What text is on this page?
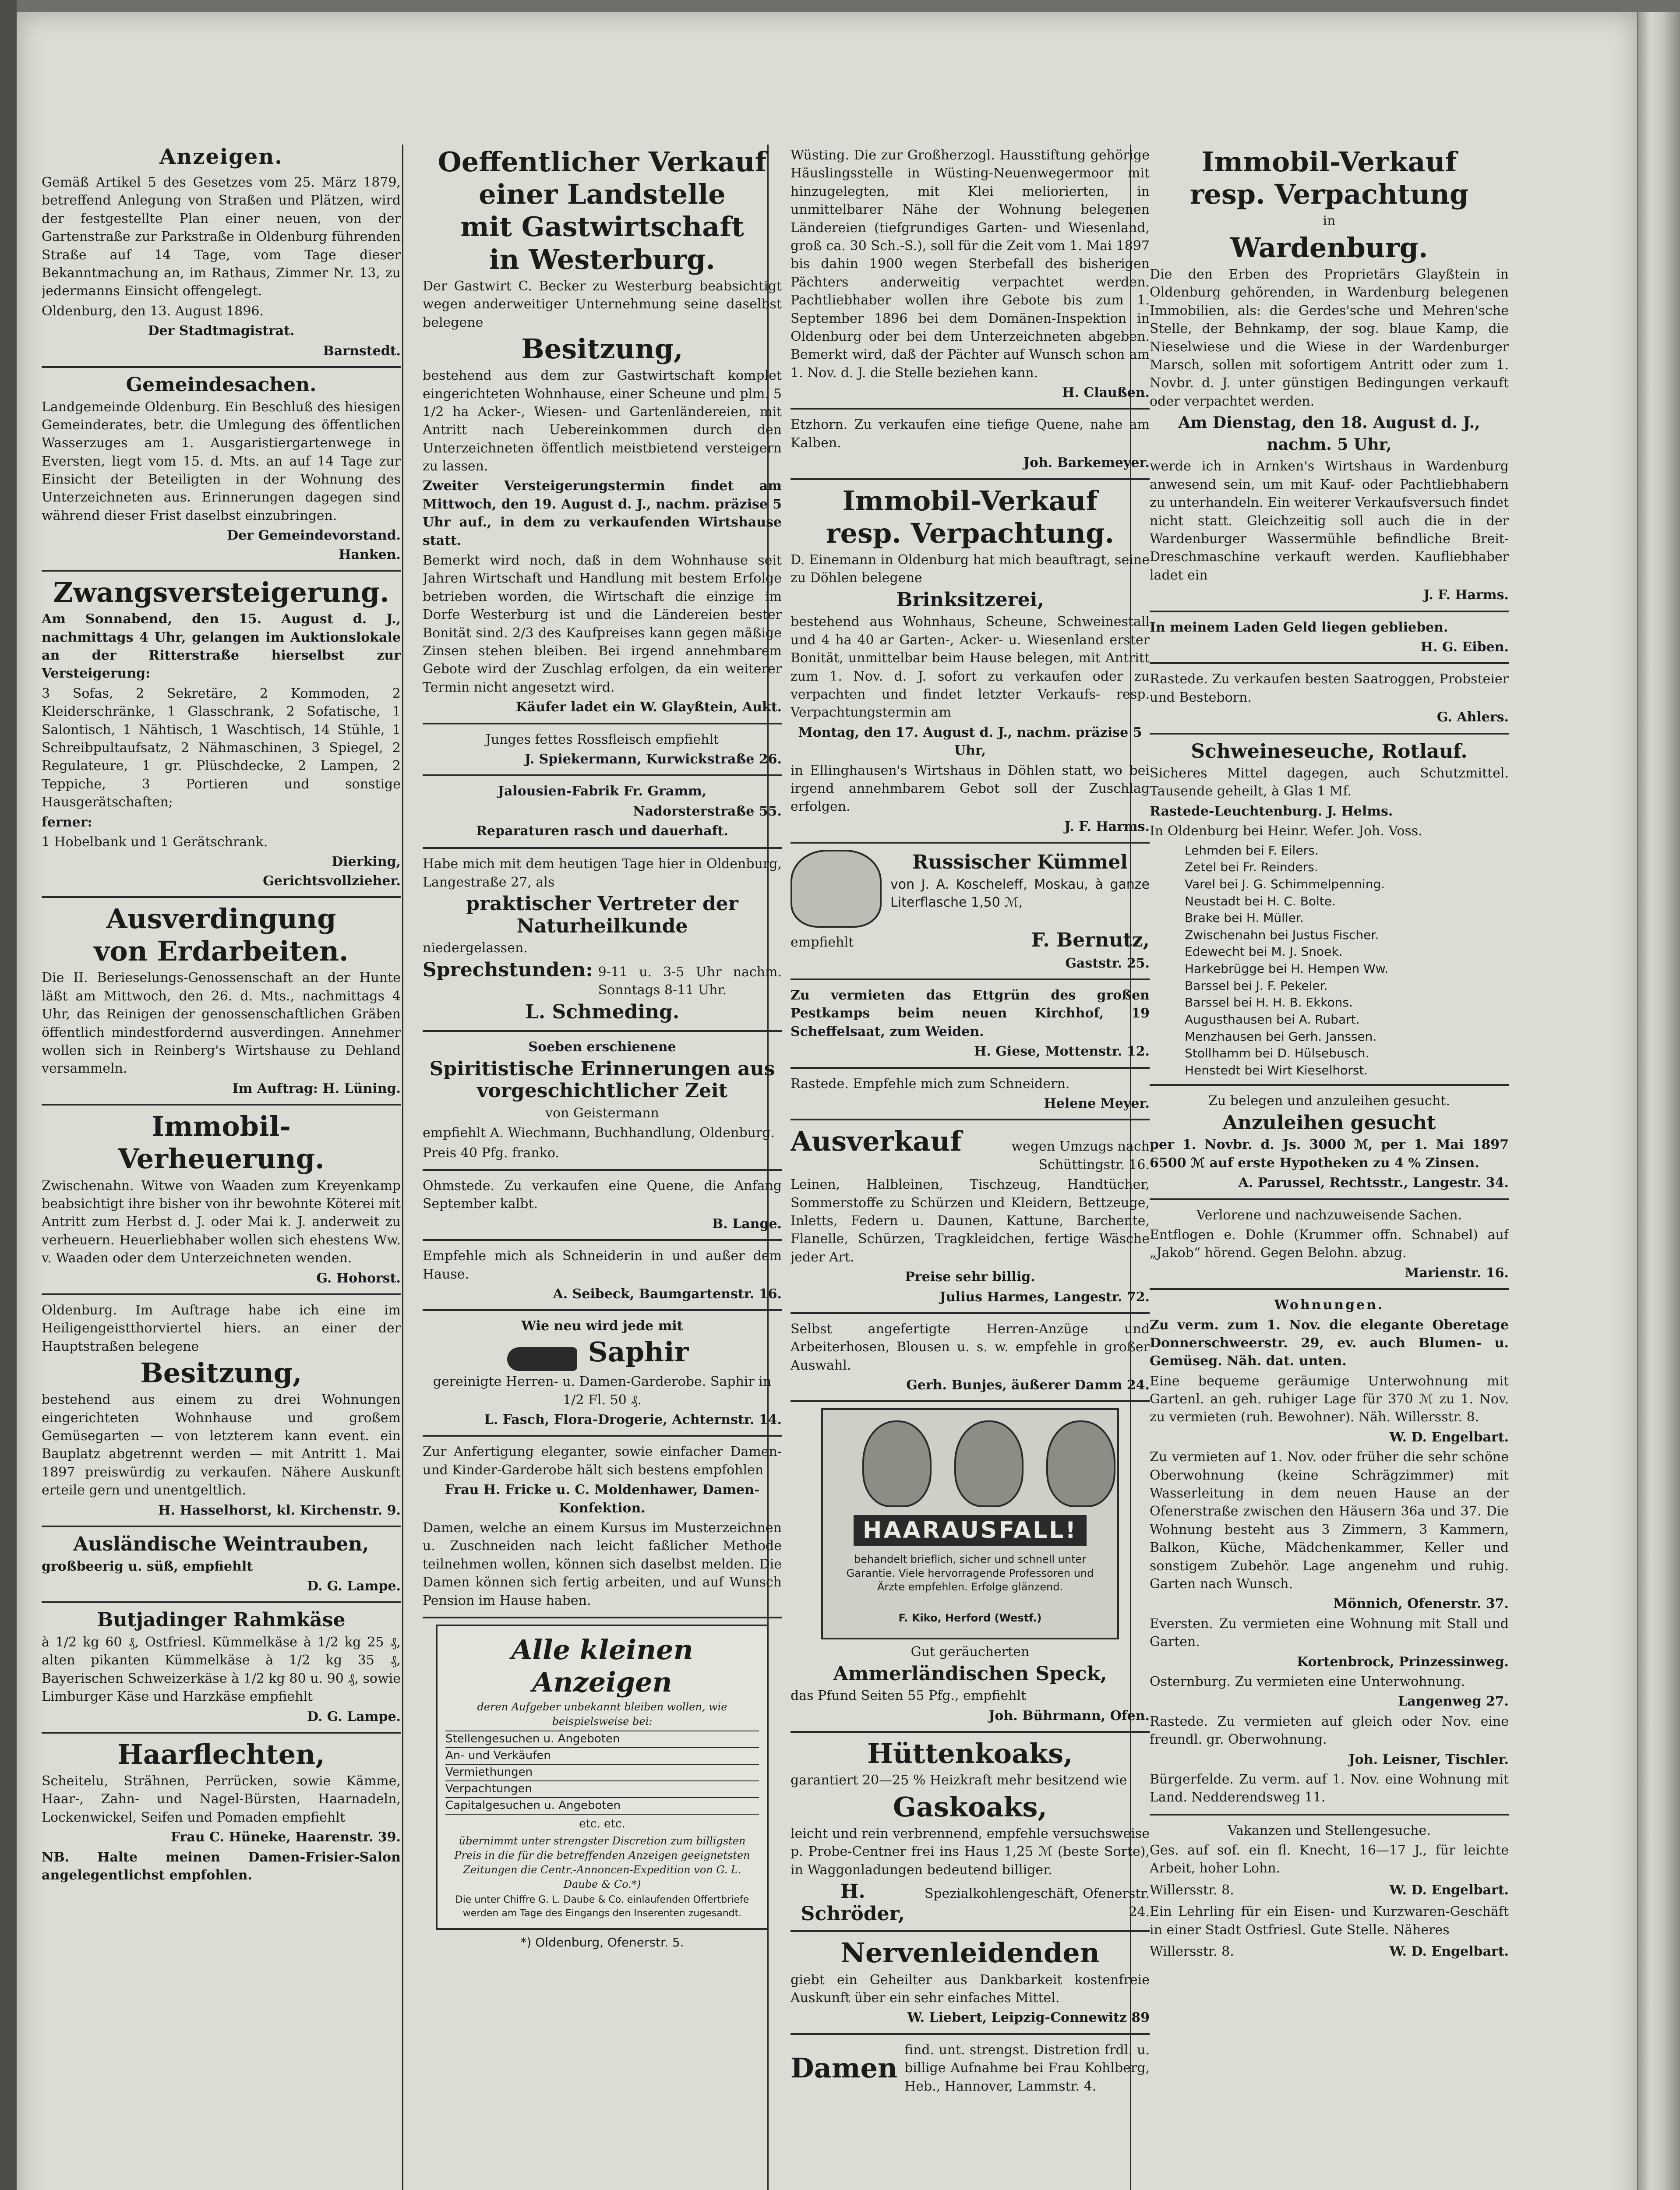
Anzeigen.
Gemäß Artikel 5 des Gesetzes vom 25. März 1879, betreffend Anlegung von Straßen und Plätzen, wird der festgestellte Plan einer neuen, von der Gartenstraße zur Parkstraße in Oldenburg führenden Straße auf 14 Tage, vom Tage dieser Bekanntmachung an, im Rathaus, Zimmer Nr. 13, zu jedermanns Einsicht offengelegt.
Oldenburg, den 13. August 1896.
Der Stadtmagistrat.
Barnstedt.
Gemeindesachen.
Landgemeinde Oldenburg. Ein Beschluß des hiesigen Gemeinderates, betr. die Umlegung des öffentlichen Wasserzuges am 1. Ausgaristiergartenwege in Eversten, liegt vom 15. d. Mts. an auf 14 Tage zur Einsicht der Beteiligten in der Wohnung des Unterzeichneten aus. Erinnerungen dagegen sind während dieser Frist daselbst einzubringen.
Der Gemeindevorstand.
Hanken.
Zwangsversteigerung.
Am Sonnabend, den 15. August d. J., nachmittags 4 Uhr, gelangen im Auktionslokale an der Ritterstraße hierselbst zur Versteigerung:
3 Sofas, 2 Sekretäre, 2 Kommoden, 2 Kleiderschränke, 1 Glasschrank, 2 Sofatische, 1 Salontisch, 1 Nähtisch, 1 Waschtisch, 14 Stühle, 1 Schreibpultaufsatz, 2 Nähmaschinen, 3 Spiegel, 2 Regulateure, 1 gr. Plüschdecke, 2 Lampen, 2 Teppiche, 3 Portieren und sonstige Hausgerätschaften;
ferner:
1 Hobelbank und 1 Gerätschrank.
Dierking,
Gerichtsvollzieher.
Ausverdingung
von Erdarbeiten.
Die II. Berieselungs-Genossenschaft an der Hunte läßt am Mittwoch, den 26. d. Mts., nachmittags 4 Uhr, das Reinigen der genossenschaftlichen Gräben öffentlich mindestfordernd ausverdingen. Annehmer wollen sich in Reinberg's Wirtshause zu Dehland versammeln.
Im Auftrag: H. Lüning.
Immobil-
Verheuerung.
Zwischenahn. Witwe von Waaden zum Kreyenkamp beabsichtigt ihre bisher von ihr bewohnte Köterei mit Antritt zum Herbst d. J. oder Mai k. J. anderweit zu verheuern. Heuerliebhaber wollen sich ehestens Ww. v. Waaden oder dem Unterzeichneten wenden.
G. Hohorst.
Oldenburg. Im Auftrage habe ich eine im Heiligengeistthorviertel hiers. an einer der Hauptstraßen belegene
Besitzung,
bestehend aus einem zu drei Wohnungen eingerichteten Wohnhause und großem Gemüsegarten — von letzterem kann event. ein Bauplatz abgetrennt werden — mit Antritt 1. Mai 1897 preiswürdig zu verkaufen. Nähere Auskunft erteile gern und unentgeltlich.
H. Hasselhorst, kl. Kirchenstr. 9.
Ausländische Weintrauben,
großbeerig u. süß, empfiehlt
D. G. Lampe.
Butjadinger Rahmkäse
à 1/2 kg 60 ₰, Ostfriesl. Kümmelkäse à 1/2 kg 25 ₰, alten pikanten Kümmelkäse à 1/2 kg 35 ₰, Bayerischen Schweizerkäse à 1/2 kg 80 u. 90 ₰, sowie Limburger Käse und Harzkäse empfiehlt
D. G. Lampe.
Haarflechten,
Scheitelu, Strähnen, Perrücken, sowie Kämme, Haar-, Zahn- und Nagel-Bürsten, Haarnadeln, Lockenwickel, Seifen und Pomaden empfiehlt
Frau C. Hüneke, Haarenstr. 39.
NB. Halte meinen Damen-Frisier-Salon angelegentlichst empfohlen.
Oeffentlicher Verkauf
einer Landstelle
mit Gastwirtschaft
in Westerburg.
Der Gastwirt C. Becker zu Westerburg beabsichtigt wegen anderweitiger Unternehmung seine daselbst belegene
Besitzung,
bestehend aus dem zur Gastwirtschaft komplet eingerichteten Wohnhause, einer Scheune und plm. 5 1/2 ha Acker-, Wiesen- und Gartenländereien, mit Antritt nach Uebereinkommen durch den Unterzeichneten öffentlich meistbietend versteigern zu lassen.
Zweiter Versteigerungstermin findet am Mittwoch, den 19. August d. J., nachm. präzise 5 Uhr auf., in dem zu verkaufenden Wirtshause statt.
Bemerkt wird noch, daß in dem Wohnhause seit Jahren Wirtschaft und Handlung mit bestem Erfolge betrieben worden, die Wirtschaft die einzige im Dorfe Westerburg ist und die Ländereien bester Bonität sind. 2/3 des Kaufpreises kann gegen mäßige Zinsen stehen bleiben. Bei irgend annehmbarem Gebote wird der Zuschlag erfolgen, da ein weiterer Termin nicht angesetzt wird.
Käufer ladet ein W. Glayßtein, Aukt.
Junges fettes Rossfleisch empfiehlt
J. Spiekermann, Kurwickstraße 26.
Jalousien-Fabrik Fr. Gramm,
Nadorsterstraße 55.
Reparaturen rasch und dauerhaft.
Habe mich mit dem heutigen Tage hier in Oldenburg, Langestraße 27, als
praktischer Vertreter der Naturheilkunde
niedergelassen.
Sprechstunden: 9-11 u. 3-5 Uhr nachm. Sonntags 8-11 Uhr.
L. Schmeding.
Soeben erschienene
Spiritistische Erinnerungen aus vorgeschichtlicher Zeit
von Geistermann
empfiehlt A. Wiechmann, Buchhandlung, Oldenburg.
Preis 40 Pfg. franko.
Ohmstede. Zu verkaufen eine Quene, die Anfang September kalbt.
B. Lange.
Empfehle mich als Schneiderin in und außer dem Hause.
A. Seibeck, Baumgartenstr. 16.
Wie neu wird jede mit
Saphir
gereinigte Herren- u. Damen-Garderobe. Saphir in 1/2 Fl. 50 ₰.
L. Fasch, Flora-Drogerie, Achternstr. 14.
Zur Anfertigung eleganter, sowie einfacher Damen- und Kinder-Garderobe hält sich bestens empfohlen
Frau H. Fricke u. C. Moldenhawer, Damen-Konfektion.
Damen, welche an einem Kursus im Musterzeichnen u. Zuschneiden nach leicht faßlicher Methode teilnehmen wollen, können sich daselbst melden. Die Damen können sich fertig arbeiten, und auf Wunsch Pension im Hause haben.
Alle kleinen
Anzeigen
deren Aufgeber unbekannt bleiben wollen, wie beispielsweise bei:
Stellengesuchen u. Angeboten
An- und Verkäufen
Vermiethungen
Verpachtungen
Capitalgesuchen u. Angeboten
etc. etc.
übernimmt unter strengster Discretion zum billigsten Preis in die für die betreffenden Anzeigen geeignetsten Zeitungen die Centr.-Annoncen-Expedition von G. L. Daube & Co.*)
Die unter Chiffre G. L. Daube & Co. einlaufenden Offertbriefe werden am Tage des Eingangs den Inserenten zugesandt.
*) Oldenburg, Ofenerstr. 5.
Wüsting. Die zur Großherzogl. Hausstiftung gehörige Häuslingsstelle in Wüsting-Neuenwegermoor mit hinzugelegten, mit Klei meliorierten, in unmittelbarer Nähe der Wohnung belegenen Ländereien (tiefgrundiges Garten- und Wiesenland, groß ca. 30 Sch.-S.), soll für die Zeit vom 1. Mai 1897 bis dahin 1900 wegen Sterbefall des bisherigen Pächters anderweitig verpachtet werden. Pachtliebhaber wollen ihre Gebote bis zum 1. September 1896 bei dem Domänen-Inspektion in Oldenburg oder bei dem Unterzeichneten abgeben. Bemerkt wird, daß der Pächter auf Wunsch schon am 1. Nov. d. J. die Stelle beziehen kann.
H. Claußen.
Etzhorn. Zu verkaufen eine tiefige Quene, nahe am Kalben.
Joh. Barkemeyer.
Immobil-Verkauf
resp. Verpachtung.
D. Einemann in Oldenburg hat mich beauftragt, seine zu Döhlen belegene
Brinksitzerei,
bestehend aus Wohnhaus, Scheune, Schweinestall und 4 ha 40 ar Garten-, Acker- u. Wiesenland erster Bonität, unmittelbar beim Hause belegen, mit Antritt zum 1. Nov. d. J. sofort zu verkaufen oder zu verpachten und findet letzter Verkaufs- resp. Verpachtungstermin am
Montag, den 17. August d. J., nachm. präzise 5 Uhr,
in Ellinghausen's Wirtshaus in Döhlen statt, wo bei irgend annehmbarem Gebot soll der Zuschlag erfolgen.
J. F. Harms.
Russischer Kümmel
von J. A. Koscheleff, Moskau, à ganze Literflasche 1,50 ℳ,
empfiehlt	F. Bernutz,
Gaststr. 25.
Zu vermieten das Ettgrün des großen Pestkamps beim neuen Kirchhof, 19 Scheffelsaat, zum Weiden.
H. Giese, Mottenstr. 12.
Rastede. Empfehle mich zum Schneidern.
Helene Meyer.
Ausverkauf	wegen Umzugs nach Schüttingstr. 16.
Leinen, Halbleinen, Tischzeug, Handtücher, Sommerstoffe zu Schürzen und Kleidern, Bettzeuge, Inletts, Federn u. Daunen, Kattune, Barchente, Flanelle, Schürzen, Tragkleidchen, fertige Wäsche jeder Art.
Preise sehr billig.
Julius Harmes, Langestr. 72.
Selbst angefertigte Herren-Anzüge und Arbeiterhosen, Blousen u. s. w. empfehle in großer Auswahl.
Gerh. Bunjes, äußerer Damm 24.
HAARAUSFALL!
behandelt brieflich, sicher und schnell unter Garantie. Viele hervorragende Professoren und Ärzte empfehlen. Erfolge glänzend.
F. Kiko, Herford (Westf.)
Gut geräucherten
Ammerländischen Speck,
das Pfund Seiten 55 Pfg., empfiehlt
Joh. Bührmann, Ofen.
Hüttenkoaks,
garantiert 20—25 % Heizkraft mehr besitzend wie
Gaskoaks,
leicht und rein verbrennend, empfehle versuchsweise p. Probe-Centner frei ins Haus 1,25 ℳ (beste Sorte), in Waggonladungen bedeutend billiger.
H. Schröder,
Spezialkohlengeschäft, Ofenerstr. 24.
Nervenleidenden
giebt ein Geheilter aus Dankbarkeit kostenfreie Auskunft über ein sehr einfaches Mittel.
W. Liebert, Leipzig-Connewitz 89
Damen
find. unt. strengst. Distretion frdl. u. billige Aufnahme bei Frau Kohlberg, Heb., Hannover, Lammstr. 4.
Immobil-Verkauf
resp. Verpachtung
in
Wardenburg.
Die den Erben des Proprietärs Glayßtein in Oldenburg gehörenden, in Wardenburg belegenen Immobilien, als: die Gerdes'sche und Mehren'sche Stelle, der Behnkamp, der sog. blaue Kamp, die Nieselwiese und die Wiese in der Wardenburger Marsch, sollen mit sofortigem Antritt oder zum 1. Novbr. d. J. unter günstigen Bedingungen verkauft oder verpachtet werden.
Am Dienstag, den 18. August d. J., nachm. 5 Uhr,
werde ich in Arnken's Wirtshaus in Wardenburg anwesend sein, um mit Kauf- oder Pachtliebhabern zu unterhandeln. Ein weiterer Verkaufsversuch findet nicht statt. Gleichzeitig soll auch die in der Wardenburger Wassermühle befindliche Breit-Dreschmaschine verkauft werden. Kaufliebhaber ladet ein
J. F. Harms.
In meinem Laden Geld liegen geblieben.
H. G. Eiben.
Rastede. Zu verkaufen besten Saatroggen, Probsteier und Besteborn.
G. Ahlers.
Schweineseuche, Rotlauf.
Sicheres Mittel dagegen, auch Schutzmittel. Tausende geheilt, à Glas 1 Mf.
Rastede-Leuchtenburg. J. Helms.
In Oldenburg bei Heinr. Wefer. Joh. Voss.
Lehmden bei F. Eilers.
Zetel bei Fr. Reinders.
Varel bei J. G. Schimmelpenning.
Neustadt bei H. C. Bolte.
Brake bei H. Müller.
Zwischenahn bei Justus Fischer.
Edewecht bei M. J. Snoek.
Harkebrügge bei H. Hempen Ww.
Barssel bei J. F. Pekeler.
Barssel bei H. H. B. Ekkons.
Augusthausen bei A. Rubart.
Menzhausen bei Gerh. Janssen.
Stollhamm bei D. Hülsebusch.
Henstedt bei Wirt Kieselhorst.
Zu belegen und anzuleihen gesucht.
Anzuleihen gesucht
per 1. Novbr. d. Js. 3000 ℳ, per 1. Mai 1897 6500 ℳ auf erste Hypotheken zu 4 % Zinsen.
A. Parussel, Rechtsstr., Langestr. 34.
Verlorene und nachzuweisende Sachen.
Entflogen e. Dohle (Krummer offn. Schnabel) auf „Jakob“ hörend. Gegen Belohn. abzug.
Marienstr. 16.
Wohnungen.
Zu verm. zum 1. Nov. die elegante Oberetage Donnerschweerstr. 29, ev. auch Blumen- u. Gemüseg. Näh. dat. unten.
Eine bequeme geräumige Unterwohnung mit Gartenl. an geh. ruhiger Lage für 370 ℳ zu 1. Nov. zu vermieten (ruh. Bewohner). Näh. Willersstr. 8.
W. D. Engelbart.
Zu vermieten auf 1. Nov. oder früher die sehr schöne Oberwohnung (keine Schrägzimmer) mit Wasserleitung in dem neuen Hause an der Ofenerstraße zwischen den Häusern 36a und 37. Die Wohnung besteht aus 3 Zimmern, 3 Kammern, Balkon, Küche, Mädchenkammer, Keller und sonstigem Zubehör. Lage angenehm und ruhig. Garten nach Wunsch.
Mönnich, Ofenerstr. 37.
Eversten. Zu vermieten eine Wohnung mit Stall und Garten.
Kortenbrock, Prinzessinweg.
Osternburg. Zu vermieten eine Unterwohnung.
Langenweg 27.
Rastede. Zu vermieten auf gleich oder Nov. eine freundl. gr. Oberwohnung.
Joh. Leisner, Tischler.
Bürgerfelde. Zu verm. auf 1. Nov. eine Wohnung mit Land. Nedderendsweg 11.
Vakanzen und Stellengesuche.
Ges. auf sof. ein fl. Knecht, 16—17 J., für leichte Arbeit, hoher Lohn.
Willersstr. 8.	W. D. Engelbart.
Ein Lehrling für ein Eisen- und Kurzwaren-Geschäft in einer Stadt Ostfriesl. Gute Stelle. Näheres
Willersstr. 8.	W. D. Engelbart.
